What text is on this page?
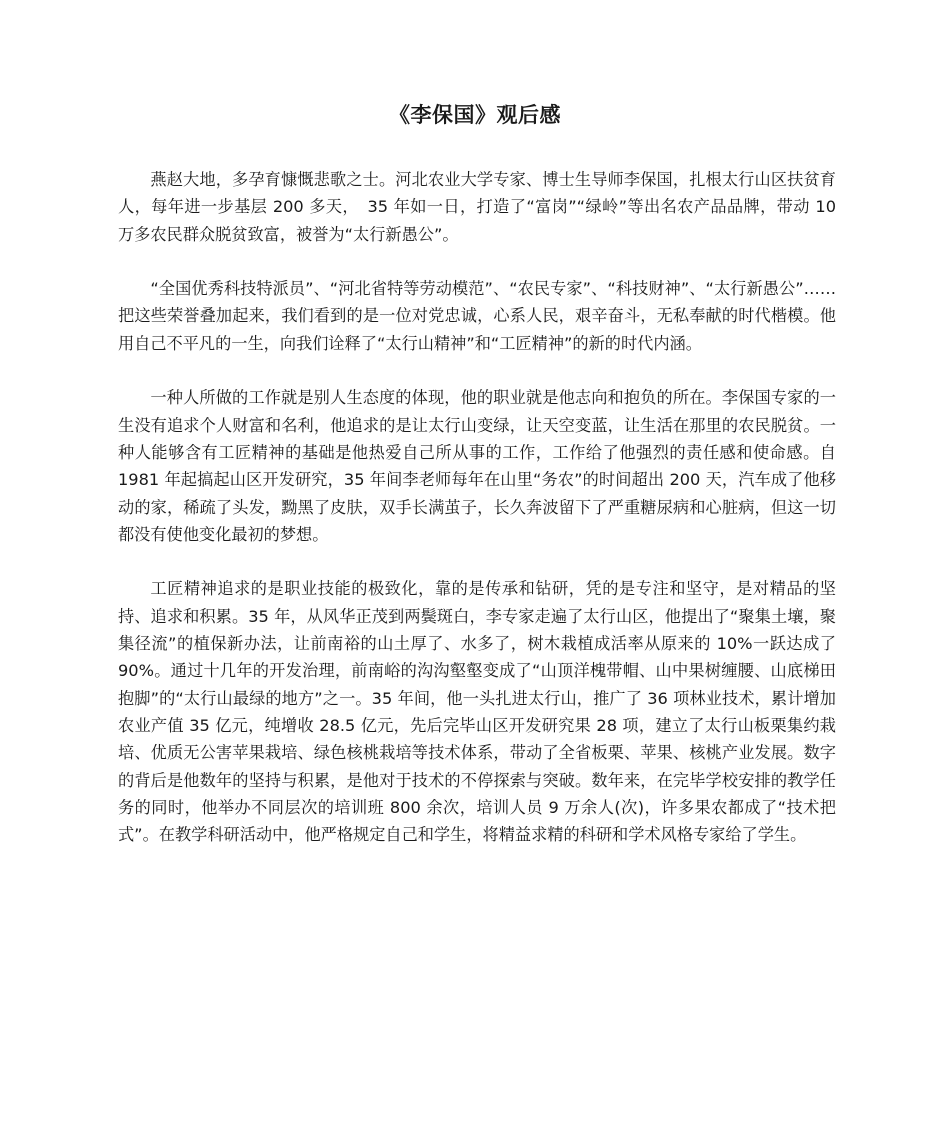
《李保国》观后感

燕赵大地，多孕育慷慨悲歌之士。河北农业大学专家、博士生导师李保国，扎根太行山区扶贫育人，每年进一步基层 200 多天，　35 年如一日，打造了“富岗”“绿岭”等出名农产品品牌，带动 10 万多农民群众脱贫致富，被誉为“太行新愚公”。

“全国优秀科技特派员”、“河北省特等劳动模范”、“农民专家”、“科技财神”、“太行新愚公”……把这些荣誉叠加起来，我们看到的是一位对党忠诚，心系人民，艰辛奋斗，无私奉献的时代楷模。他用自己不平凡的一生，向我们诠释了“太行山精神”和“工匠精神”的新的时代内涵。

一种人所做的工作就是别人生态度的体现，他的职业就是他志向和抱负的所在。李保国专家的一生没有追求个人财富和名利，他追求的是让太行山变绿，让天空变蓝，让生活在那里的农民脱贫。一种人能够含有工匠精神的基础是他热爱自己所从事的工作，工作给了他强烈的责任感和使命感。自 1981 年起搞起山区开发研究，35 年间李老师每年在山里“务农”的时间超出 200 天，汽车成了他移动的家，稀疏了头发，黝黑了皮肤，双手长满茧子，长久奔波留下了严重糖尿病和心脏病，但这一切都没有使他变化最初的梦想。

工匠精神追求的是职业技能的极致化，靠的是传承和钻研，凭的是专注和坚守，是对精品的坚持、追求和积累。35 年，从风华正茂到两鬓斑白，李专家走遍了太行山区，他提出了“聚集土壤，聚集径流”的植保新办法，让前南裕的山土厚了、水多了，树木栽植成活率从原来的 10%一跃达成了 90%。通过十几年的开发治理，前南峪的沟沟壑壑变成了“山顶洋槐带帽、山中果树缠腰、山底梯田抱脚”的“太行山最绿的地方”之一。35 年间，他一头扎进太行山，推广了 36 项林业技术，累计增加农业产值 35 亿元，纯增收 28.5 亿元，先后完毕山区开发研究果 28 项，建立了太行山板栗集约栽培、优质无公害苹果栽培、绿色核桃栽培等技术体系，带动了全省板栗、苹果、核桃产业发展。数字的背后是他数年的坚持与积累，是他对于技术的不停探索与突破。数年来，在完毕学校安排的教学任务的同时，他举办不同层次的培训班 800 余次，培训人员 9 万余人(次)，许多果农都成了“技术把式”。在教学科研活动中，他严格规定自己和学生，将精益求精的科研和学术风格专家给了学生。
